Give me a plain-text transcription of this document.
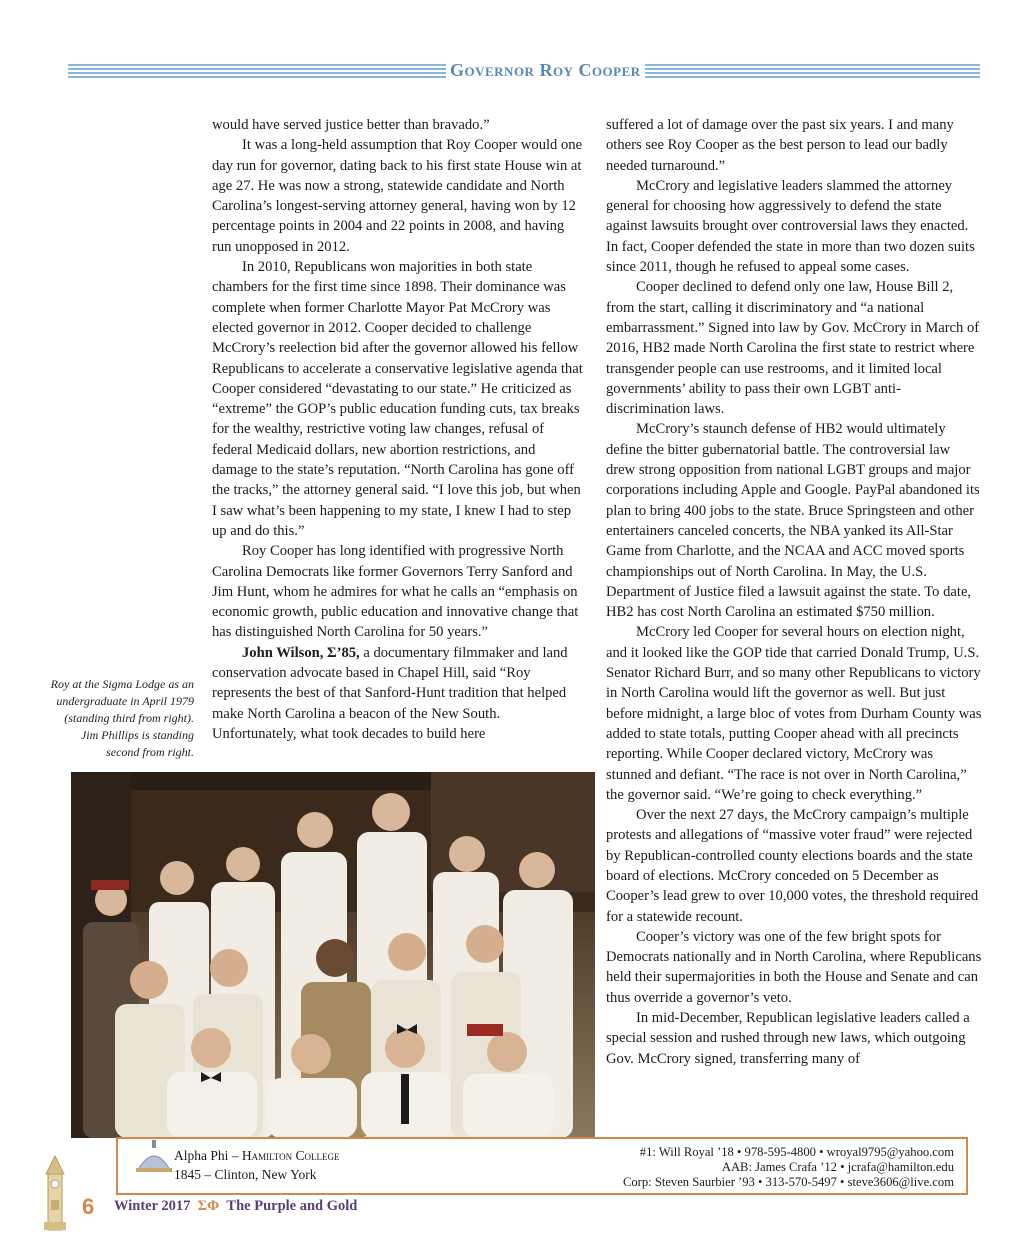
Governor Roy Cooper

would have served justice better than bravado.”

It was a long-held assumption that Roy Cooper would one day run for governor, dating back to his first state House win at age 27. He was now a strong, statewide candidate and North Carolina’s longest-serving attorney general, having won by 12 percentage points in 2004 and 22 points in 2008, and having run unopposed in 2012.

In 2010, Republicans won majorities in both state chambers for the first time since 1898. Their dominance was complete when former Charlotte Mayor Pat McCrory was elected governor in 2012. Cooper decided to challenge McCrory’s reelection bid after the governor allowed his fellow Republicans to accelerate a conservative legislative agenda that Cooper considered “devastating to our state.” He criticized as “extreme” the GOP’s public education funding cuts, tax breaks for the wealthy, restrictive voting law changes, refusal of federal Medicaid dollars, new abortion restrictions, and damage to the state’s reputation. “North Carolina has gone off the tracks,” the attorney general said. “I love this job, but when I saw what’s been happening to my state, I knew I had to step up and do this.”

Roy Cooper has long identified with progressive North Carolina Democrats like former Governors Terry Sanford and Jim Hunt, whom he admires for what he calls an “emphasis on economic growth, public education and innovative change that has distinguished North Carolina for 50 years.”

John Wilson, Σ’85, a documentary filmmaker and land conservation advocate based in Chapel Hill, said “Roy represents the best of that Sanford-Hunt tradition that helped make North Carolina a beacon of the New South. Unfortunately, what took decades to build here

suffered a lot of damage over the past six years. I and many others see Roy Cooper as the best person to lead our badly needed turnaround.”

McCrory and legislative leaders slammed the attorney general for choosing how aggressively to defend the state against lawsuits brought over controversial laws they enacted. In fact, Cooper defended the state in more than two dozen suits since 2011, though he refused to appeal some cases.

Cooper declined to defend only one law, House Bill 2, from the start, calling it discriminatory and “a national embarrassment.” Signed into law by Gov. McCrory in March of 2016, HB2 made North Carolina the first state to restrict where transgender people can use restrooms, and it limited local governments’ ability to pass their own LGBT anti-discrimination laws.

McCrory’s staunch defense of HB2 would ultimately define the bitter gubernatorial battle. The controversial law drew strong opposition from national LGBT groups and major corporations including Apple and Google. PayPal abandoned its plan to bring 400 jobs to the state. Bruce Springsteen and other entertainers canceled concerts, the NBA yanked its All-Star Game from Charlotte, and the NCAA and ACC moved sports championships out of North Carolina. In May, the U.S. Department of Justice filed a lawsuit against the state. To date, HB2 has cost North Carolina an estimated $750 million.

McCrory led Cooper for several hours on election night, and it looked like the GOP tide that carried Donald Trump, U.S. Senator Richard Burr, and so many other Republicans to victory in North Carolina would lift the governor as well. But just before midnight, a large bloc of votes from Durham County was added to state totals, putting Cooper ahead with all precincts reporting. While Cooper declared victory, McCrory was stunned and defiant. “The race is not over in North Carolina,” the governor said. “We’re going to check everything.”

Over the next 27 days, the McCrory campaign’s multiple protests and allegations of “massive voter fraud” were rejected by Republican-controlled county elections boards and the state board of elections. McCrory conceded on 5 December as Cooper’s lead grew to over 10,000 votes, the threshold required for a statewide recount.

Cooper’s victory was one of the few bright spots for Democrats nationally and in North Carolina, where Republicans held their supermajorities in both the House and Senate and can thus override a governor’s veto.

In mid-December, Republican legislative leaders called a special session and rushed through new laws, which outgoing Gov. McCrory signed, transferring many of

Roy at the Sigma Lodge as an undergraduate in April 1979 (standing third from right). Jim Phillips is standing second from right.
Alpha Phi – Hamilton College
1845 – Clinton, New York
#1: Will Royal ’18 • 978-595-4800 • wroyal9795@yahoo.com
AAB: James Crafa ’12 • jcrafa@hamilton.edu
Corp: Steven Saurbier ’93 • 313-570-5497 • steve3606@live.com
6 Winter 2017 ΣΦ The Purple and Gold
